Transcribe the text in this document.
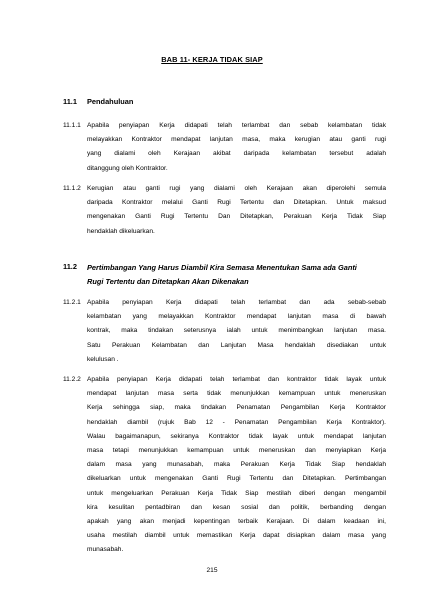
BAB 11- KERJA TIDAK SIAP
11.1 Pendahuluan
11.1.1 Apabila penyiapan Kerja didapati telah terlambat dan sebab kelambatan tidak
melayakkan Kontraktor mendapat lanjutan masa, maka kerugian atau ganti rugi
yang dialami oleh Kerajaan akibat daripada kelambatan tersebut adalah
ditanggung oleh Kontraktor.
11.1.2 Kerugian atau ganti rugi yang dialami oleh Kerajaan akan diperolehi semula
daripada Kontraktor melalui Ganti Rugi Tertentu dan Ditetapkan. Untuk maksud
mengenakan Ganti Rugi Tertentu Dan Ditetapkan, Perakuan Kerja Tidak Siap
hendaklah dikeluarkan.
11.2 Pertimbangan Yang Harus Diambil Kira Semasa Menentukan Sama ada Ganti
Rugi Tertentu dan Ditetapkan Akan Dikenakan
11.2.1 Apabila penyiapan Kerja didapati telah terlambat dan ada sebab-sebab
kelambatan yang melayakkan Kontraktor mendapat lanjutan masa di bawah
kontrak, maka tindakan seterusnya ialah untuk menimbangkan lanjutan masa.
Satu Perakuan Kelambatan dan Lanjutan Masa hendaklah disediakan untuk
kelulusan .
11.2.2 Apabila penyiapan Kerja didapati telah terlambat dan kontraktor tidak layak untuk
mendapat lanjutan masa serta tidak menunjukkan kemampuan untuk meneruskan
Kerja sehingga siap, maka tindakan Penamatan Pengambilan Kerja Kontraktor
hendaklah diambil (rujuk Bab 12 - Penamatan Pengambilan Kerja Kontraktor).
Walau bagaimanapun, sekiranya Kontraktor tidak layak untuk mendapat lanjutan
masa tetapi menunjukkan kemampuan untuk meneruskan dan menyiapkan Kerja
dalam masa yang munasabah, maka Perakuan Kerja Tidak Siap hendaklah
dikeluarkan untuk mengenakan Ganti Rugi Tertentu dan Ditetapkan. Pertimbangan
untuk mengeluarkan Perakuan Kerja Tidak Siap mestilah diberi dengan mengambil
kira kesulitan pentadbiran dan kesan sosial dan politik, berbanding dengan
apakah yang akan menjadi kepentingan terbaik Kerajaan. Di dalam keadaan ini,
usaha mestilah diambil untuk memastikan Kerja dapat disiapkan dalam masa yang
munasabah.
215
